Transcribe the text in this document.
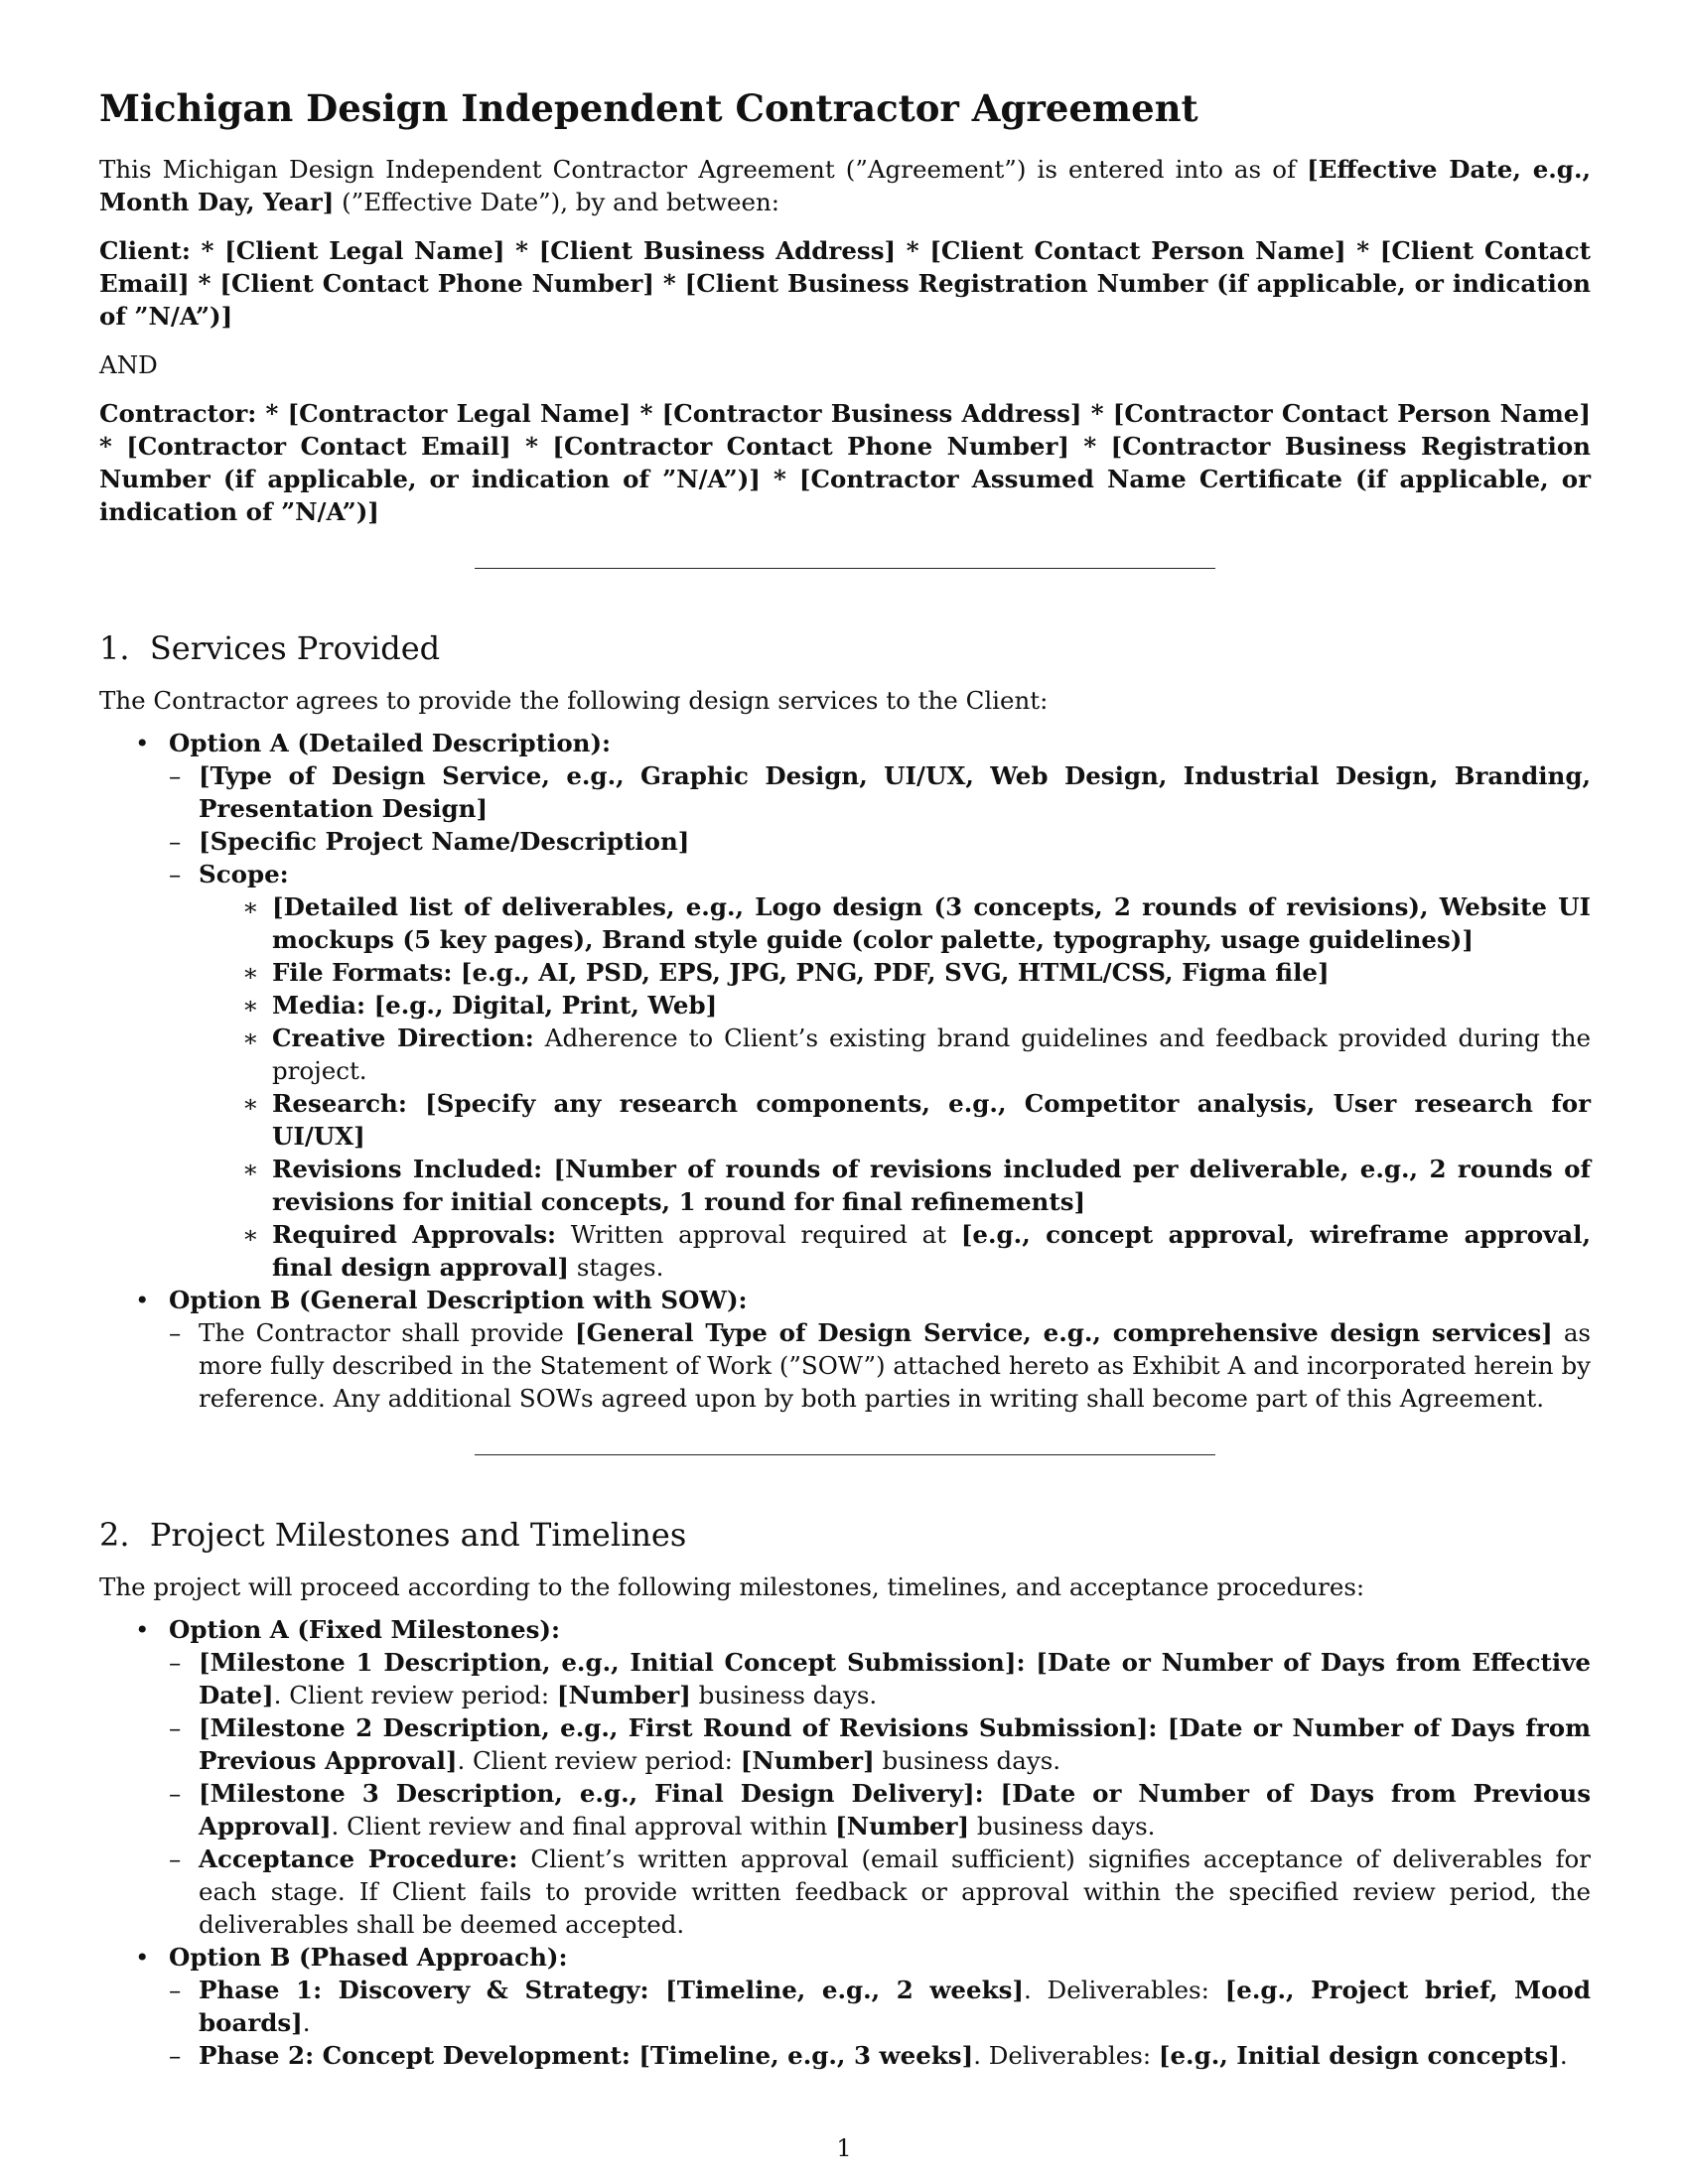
Michigan Design Independent Contractor Agreement

This Michigan Design Independent Contractor Agreement (”Agreement”) is entered into as of [Effective Date, e.g., Month Day, Year] (”Effective Date”), by and between:

Client: * [Client Legal Name] * [Client Business Address] * [Client Contact Person Name] * [Client Contact Email] * [Client Contact Phone Number] * [Client Business Registration Number (if applicable, or indication of ”N/A”)]

AND

Contractor: * [Contractor Legal Name] * [Contractor Business Address] * [Contractor Contact Person Name] * [Contractor Contact Email] * [Contractor Contact Phone Number] * [Contractor Business Registration Number (if applicable, or indication of ”N/A”)] * [Contractor Assumed Name Certificate (if applicable, or indication of ”N/A”)]

1. Services Provided

The Contractor agrees to provide the following design services to the Client:

• Option A (Detailed Description):
– [Type of Design Service, e.g., Graphic Design, UI/UX, Web Design, Industrial Design, Branding, Presentation Design]
– [Specific Project Name/Description]
– Scope:
∗ [Detailed list of deliverables, e.g., Logo design (3 concepts, 2 rounds of revisions), Website UI mockups (5 key pages), Brand style guide (color palette, typography, usage guidelines)]
∗ File Formats: [e.g., AI, PSD, EPS, JPG, PNG, PDF, SVG, HTML/CSS, Figma file]
∗ Media: [e.g., Digital, Print, Web]
∗ Creative Direction: Adherence to Client’s existing brand guidelines and feedback provided during the project.
∗ Research: [Specify any research components, e.g., Competitor analysis, User research for UI/UX]
∗ Revisions Included: [Number of rounds of revisions included per deliverable, e.g., 2 rounds of revisions for initial concepts, 1 round for final refinements]
∗ Required Approvals: Written approval required at [e.g., concept approval, wireframe approval, final design approval] stages.
• Option B (General Description with SOW):
– The Contractor shall provide [General Type of Design Service, e.g., comprehensive design services] as more fully described in the Statement of Work (”SOW”) attached hereto as Exhibit A and incorporated herein by reference. Any additional SOWs agreed upon by both parties in writing shall become part of this Agreement.
2. Project Milestones and Timelines

The project will proceed according to the following milestones, timelines, and acceptance procedures:

• Option A (Fixed Milestones):
– [Milestone 1 Description, e.g., Initial Concept Submission]: [Date or Number of Days from Effective Date]. Client review period: [Number] business days.
– [Milestone 2 Description, e.g., First Round of Revisions Submission]: [Date or Number of Days from Previous Approval]. Client review period: [Number] business days.
– [Milestone 3 Description, e.g., Final Design Delivery]: [Date or Number of Days from Previous Approval]. Client review and final approval within [Number] business days.
– Acceptance Procedure: Client’s written approval (email sufficient) signifies acceptance of deliverables for each stage. If Client fails to provide written feedback or approval within the specified review period, the deliverables shall be deemed accepted.
• Option B (Phased Approach):
– Phase 1: Discovery & Strategy: [Timeline, e.g., 2 weeks]. Deliverables: [e.g., Project brief, Mood boards].
– Phase 2: Concept Development: [Timeline, e.g., 3 weeks]. Deliverables: [e.g., Initial design concepts].
1
